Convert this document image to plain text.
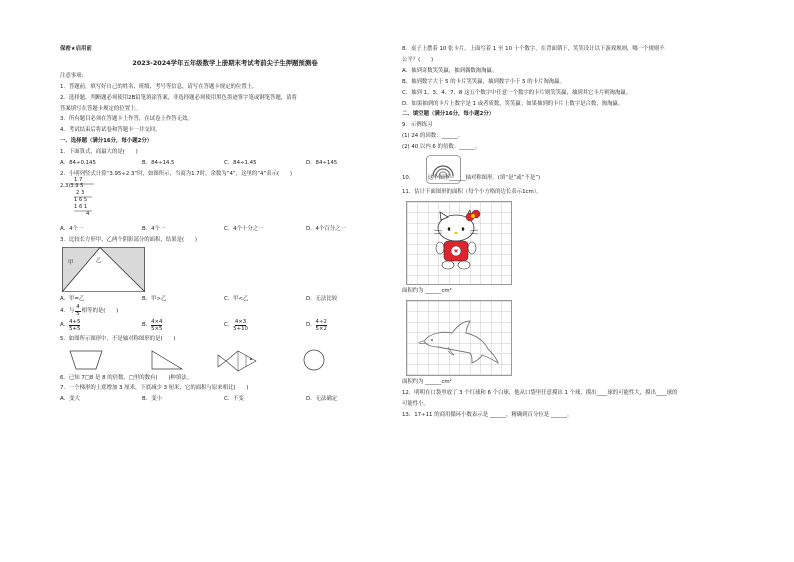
保密★启用前
2023-2024学年五年级数学上册期末考试考前尖子生押题预测卷
注意事项:
1．答题前，填写好自己的姓名、班级、考号等信息，请写在答题卡规定的位置上。
2．选择题、判断题必须使用2B铅笔填涂答案，非选择题必须使用黑色墨迹签字笔或钢笔答题，请将
答案填写在答题卡规定的位置上。
3．所有题目必须在答题卡上作答，在试卷上作答无效。
4．考试结束后将试卷和答题卡一并交回。
一、选择题（满分16分，每小题2分）
1．下面算式，商最大的是(　　)
A．84÷0.145	B．84÷14.5	C．84÷1.45	D．84÷145
2．小明列竖式计算“3.95÷2.3”时，如图所示，当商为1.7时，余数为“4”，这里的“4”表示(　　)
1.7
2.3)3.9 5
2 3
1 6 5
1 6 1
4
A．4个一	B．4个一	C．4个十分之一	D．4个百分之一
3．比较长方形甲、乙两个阴影部分的面积，结果是(　　)
甲	乙
A．甲=乙	B．甲>乙	C．甲<乙	D．无法比较
4．与 $\frac{4}{5}$ 相等的是(　　)
A． $\frac{4+5}{5+5}$	B． $\frac{4\times 4}{5\times 5}$	C． $\frac{4\times 3}{5+10}$	D． $\frac{4\div 2}{5\times 2}$
5．如图所示图形中，不是轴对称图形的是(　　)
6．已知 7□8 是 8 的倍数，□里的数有(　　)种填法。
7．一个梯形的上底增加 3 厘米，下底减少 3 厘米，它的面积与原来相比(　　)
A．变大	B．变小	C．不变	D．无法确定
8．桌子上摆着 10 张卡片，上面写着 1 至 10 十个数字，在背面朝下，笑笑设计以下游戏规则，哪一个规则不
公平？(　　)
A．抽到奇数笑笑赢，抽到偶数淘淘赢。
B．抽到数字大于 5 的卡片笑笑赢，抽到数字小于 5 的卡片淘淘赢。
C．抽到 1、3、4、7、8 这五个数字中任意一个数字的卡片则笑笑赢，抽到其它卡片则淘淘赢。
D．如果抽到的卡片上数字是 1 或者质数，笑笑赢；如果抽到的卡片上数字是合数，淘淘赢。
二、填空题（满分16分，每小题2分）
9．示例练习
(1) 24 的因数：______。
(2) 40 以内 6 的倍数：______。
10．　　　这个图形______轴对称图形。(填“是”或“不是”)
11．估计下面图形的面积（每个小方格的边长表示1cm）。
面积约为 ______cm²
面积约为 ______cm²
12．明明在口袋里放了 3 个红球和 6 个白球，他从口袋里任意摸出 1 个球，摸出____球的可能性大，摸出____球的
可能性小。
13．17÷11 的商用循环小数表示是 ______，精确到百分位是 ______。
